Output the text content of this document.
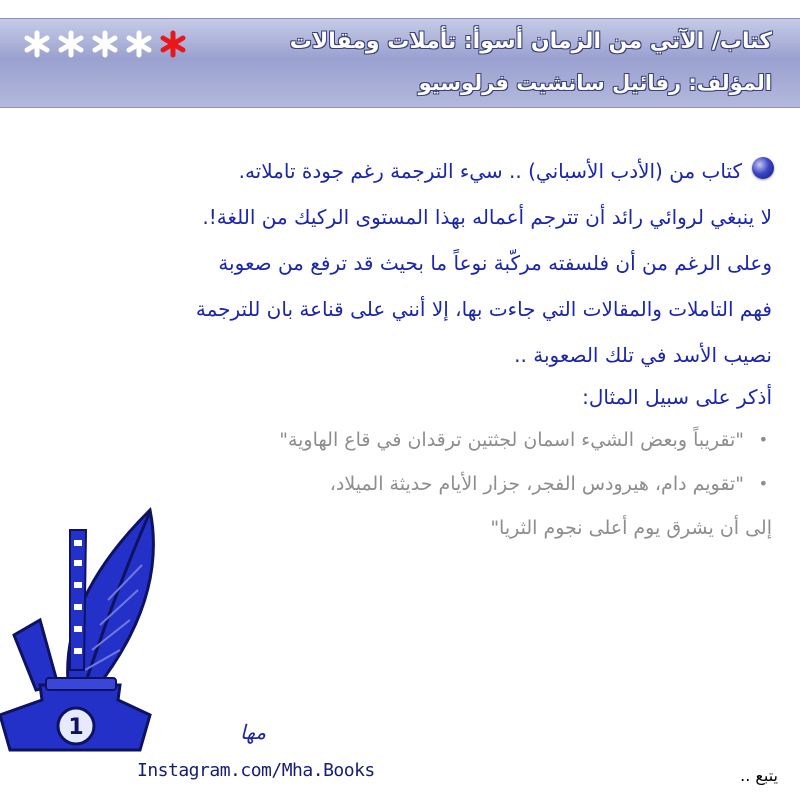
كتاب/ الآتي من الزمان أسوأ: تأملات ومقالات
المؤلف: رفائيل سانشيت فرلوسيو
كتاب من (الأدب الأسباني) .. سيء الترجمة رغم جودة تاملاته.
لا ينبغي لروائي رائد أن تترجم أعماله بهذا المستوى الركيك من اللغة!.
وعلى الرغم من أن فلسفته مركّبة نوعاً ما بحيث قد ترفع من صعوبة
فهم التاملات والمقالات التي جاءت بها، إلا أنني على قناعة بان للترجمة
نصيب الأسد في تلك الصعوبة ..
أذكر على سبيل المثال:
•
"تقريباً وبعض الشيء اسمان لجثتين ترقدان في قاع الهاوية"
•
"تقويم دام، هيرودس الفجر، جزار الأيام حديثة الميلاد،
إلى أن يشرق يوم أعلى نجوم الثريا"
1	مها
Instagram.com/Mha.Books	يتبع ..
